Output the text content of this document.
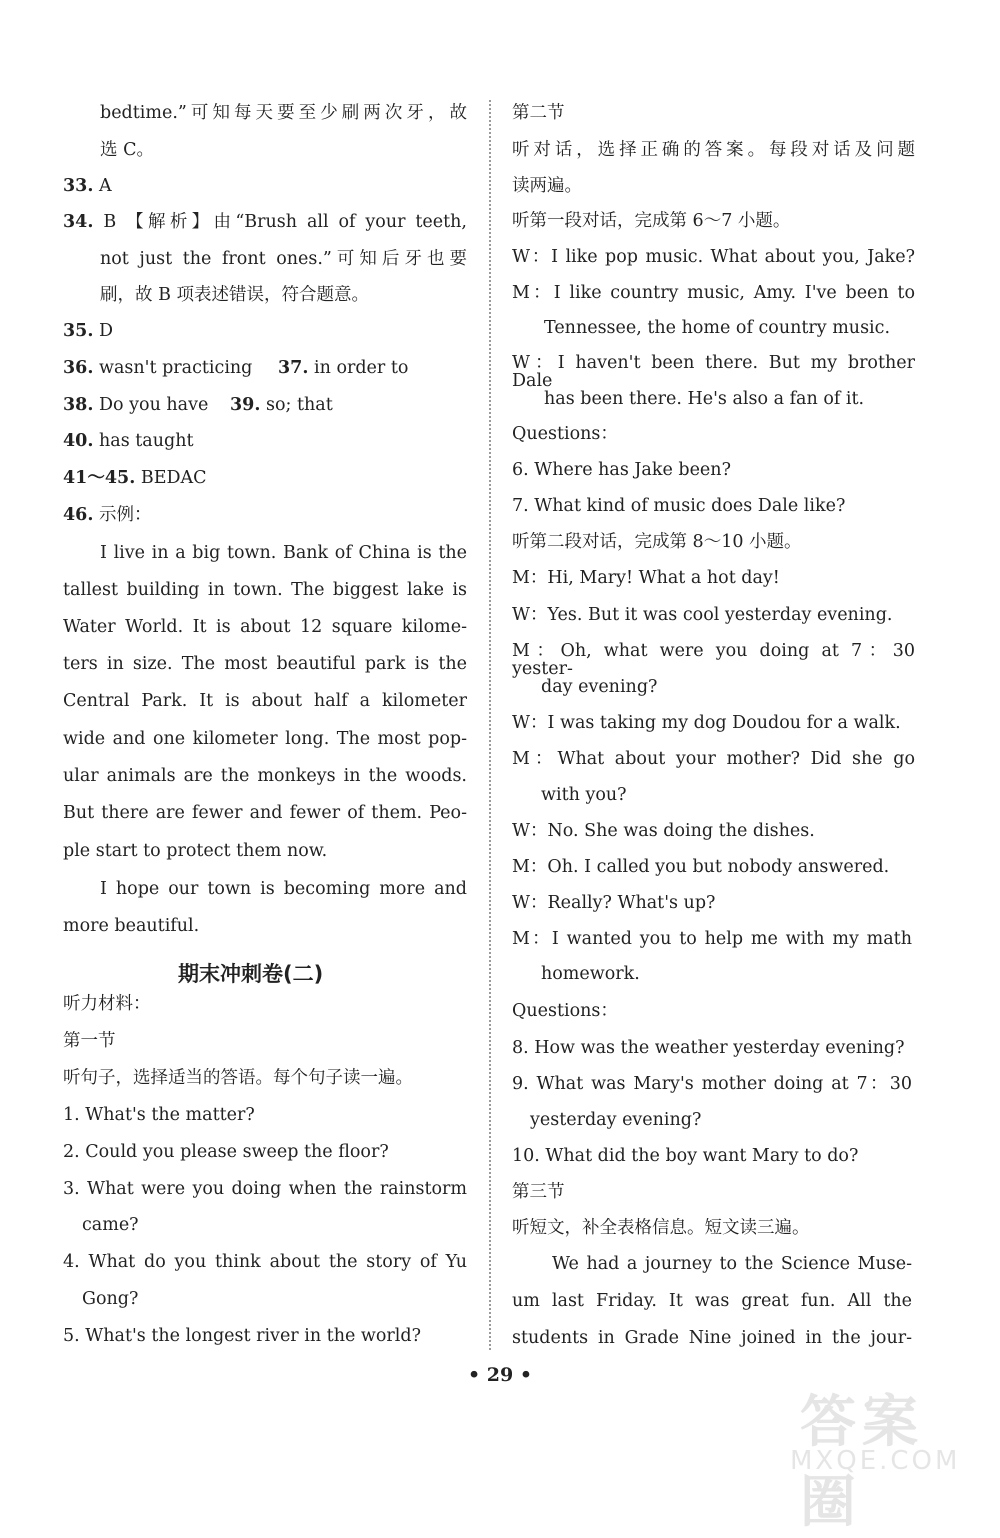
bedtime.”可知每天要至少刷两次牙，故
选 C。
33. A
34. B 【解析】由“Brush all of your teeth,
not just the front ones.”可知后牙也要
刷，故 B 项表述错误，符合题意。
35. D
36. wasn't practicing 37. in order to
38. Do you have 39. so; that
40. has taught
41～45. BEDAC
46. 示例：
I live in a big town. Bank of China is the
tallest building in town. The biggest lake is
Water World. It is about 12 square kilome-
ters in size. The most beautiful park is the
Central Park. It is about half a kilometer
wide and one kilometer long. The most pop-
ular animals are the monkeys in the woods.
But there are fewer and fewer of them. Peo-
ple start to protect them now.
I hope our town is becoming more and
more beautiful.
听力材料：
第一节
听句子，选择适当的答语。每个句子读一遍。
1. What's the matter?
2. Could you please sweep the floor?
3. What were you doing when the rainstorm
came?
4. What do you think about the story of Yu
Gong?
5. What's the longest river in the world?
第二节
听对话，选择正确的答案。每段对话及问题
读两遍。
听第一段对话，完成第 6～7 小题。
W：I like pop music. What about you, Jake?
M：I like country music, Amy. I've been to
Tennessee, the home of country music.
W：I haven't been there. But my brother Dale
has been there. He's also a fan of it.
Questions：
6. Where has Jake been?
7. What kind of music does Dale like?
听第二段对话，完成第 8～10 小题。
M：Hi, Mary! What a hot day!
W：Yes. But it was cool yesterday evening.
M：Oh, what were you doing at 7：30 yester-
day evening?
W：I was taking my dog Doudou for a walk.
M：What about your mother? Did she go
with you?
W：No. She was doing the dishes.
M：Oh. I called you but nobody answered.
W：Really? What's up?
M：I wanted you to help me with my math
homework.
Questions：
8. How was the weather yesterday evening?
9. What was Mary's mother doing at 7：30
yesterday evening?
10. What did the boy want Mary to do?
第三节
听短文，补全表格信息。短文读三遍。
We had a journey to the Science Muse-
um last Friday. It was great fun. All the
students in Grade Nine joined in the jour-
期末冲刺卷(二)
• 29 •
答案圈
MXQE.COM
